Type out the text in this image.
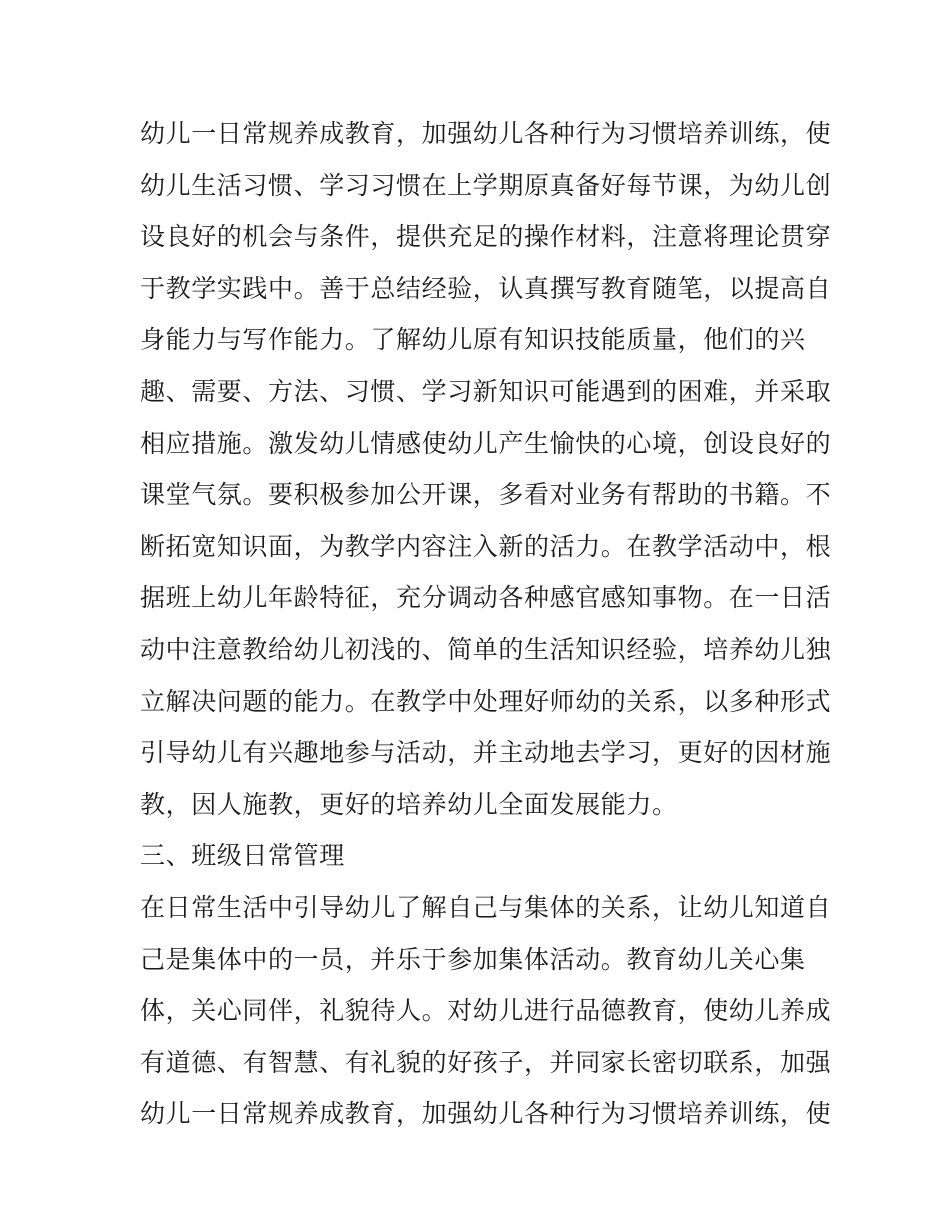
幼儿一日常规养成教育，加强幼儿各种行为习惯培养训练，使
幼儿生活习惯、学习习惯在上学期原真备好每节课，为幼儿创
设良好的机会与条件，提供充足的操作材料，注意将理论贯穿
于教学实践中。善于总结经验，认真撰写教育随笔，以提高自
身能力与写作能力。了解幼儿原有知识技能质量，他们的兴
趣、需要、方法、习惯、学习新知识可能遇到的困难，并采取
相应措施。激发幼儿情感使幼儿产生愉快的心境，创设良好的
课堂气氛。要积极参加公开课，多看对业务有帮助的书籍。不
断拓宽知识面，为教学内容注入新的活力。在教学活动中，根
据班上幼儿年龄特征，充分调动各种感官感知事物。在一日活
动中注意教给幼儿初浅的、简单的生活知识经验，培养幼儿独
立解决问题的能力。在教学中处理好师幼的关系，以多种形式
引导幼儿有兴趣地参与活动，并主动地去学习，更好的因材施
教，因人施教，更好的培养幼儿全面发展能力。
三、班级日常管理
在日常生活中引导幼儿了解自己与集体的关系，让幼儿知道自
己是集体中的一员，并乐于参加集体活动。教育幼儿关心集
体，关心同伴，礼貌待人。对幼儿进行品德教育，使幼儿养成
有道德、有智慧、有礼貌的好孩子，并同家长密切联系，加强
幼儿一日常规养成教育，加强幼儿各种行为习惯培养训练，使
